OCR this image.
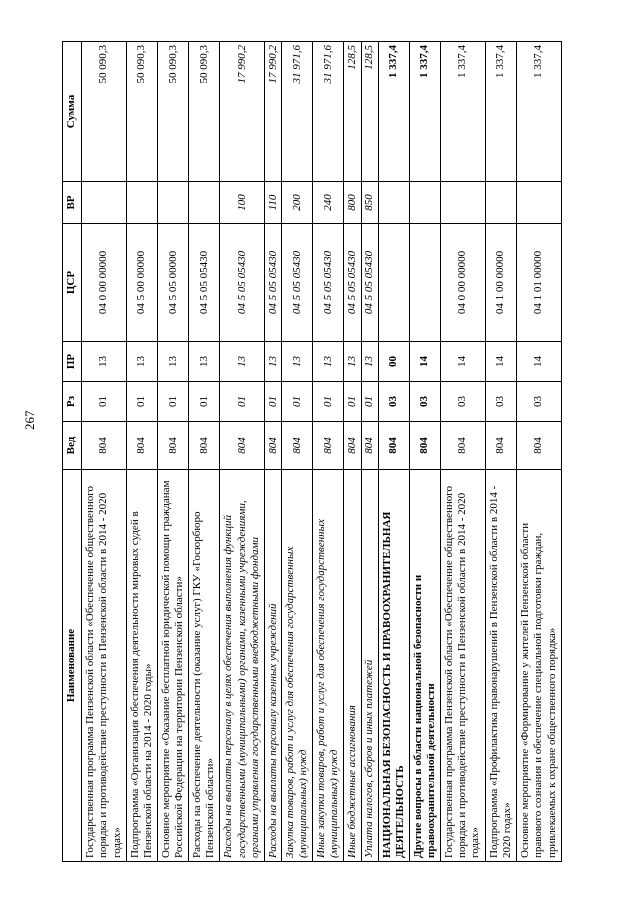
267
Наименование	Вед	Рз	ПР	ЦСР	ВР	Сумма
Государственная программа Пензенской области «Обеспечение общественного порядка и противодействие преступности в Пензенской области в 2014 - 2020 годах»	804	01	13	04 0 00 00000		50 090,3
Подпрограмма «Организация обеспечения деятельности мировых судей в Пензенской области на 2014 - 2020 годы»	804	01	13	04 5 00 00000		50 090,3
Основное мероприятие «Оказание бесплатной юридической помощи гражданам Российской Федерации на территории Пензенской области»	804	01	13	04 5 05 00000		50 090,3
Расходы на обеспечение деятельности (оказание услуг) ГКУ «Госюрбюро Пензенской области»	804	01	13	04 5 05 05430		50 090,3
Расходы на выплаты персоналу в целях обеспечения выполнения функций государственными (муниципальными) органами, казенными учреждениями, органами управления государственными внебюджетными фондами	804	01	13	04 5 05 05430	100	17 990,2
Расходы на выплаты персоналу казенных учреждений	804	01	13	04 5 05 05430	110	17 990,2
Закупка товаров, работ и услуг для обеспечения государственных (муниципальных) нужд	804	01	13	04 5 05 05430	200	31 971,6
Иные закупки товаров, работ и услуг для обеспечения государственных (муниципальных) нужд	804	01	13	04 5 05 05430	240	31 971,6
Иные бюджетные ассигнования	804	01	13	04 5 05 05430	800	128,5
Уплата налогов, сборов и иных платежей	804	01	13	04 5 05 05430	850	128,5
НАЦИОНАЛЬНАЯ БЕЗОПАСНОСТЬ И ПРАВООХРАНИТЕЛЬНАЯ ДЕЯТЕЛЬНОСТЬ	804	03	00			1 337,4
Другие вопросы в области национальной безопасности и правоохранительной деятельности	804	03	14			1 337,4
Государственная программа Пензенской области «Обеспечение общественного порядка и противодействие преступности в Пензенской области в 2014 - 2020 годах»	804	03	14	04 0 00 00000		1 337,4
Подпрограмма «Профилактика правонарушений в Пензенской области в 2014 - 2020 годах»	804	03	14	04 1 00 00000		1 337,4
Основное мероприятие «Формирование у жителей Пензенской области правового сознания и обеспечение специальной подготовки граждан, привлекаемых к охране общественного порядка»	804	03	14	04 1 01 00000		1 337,4
